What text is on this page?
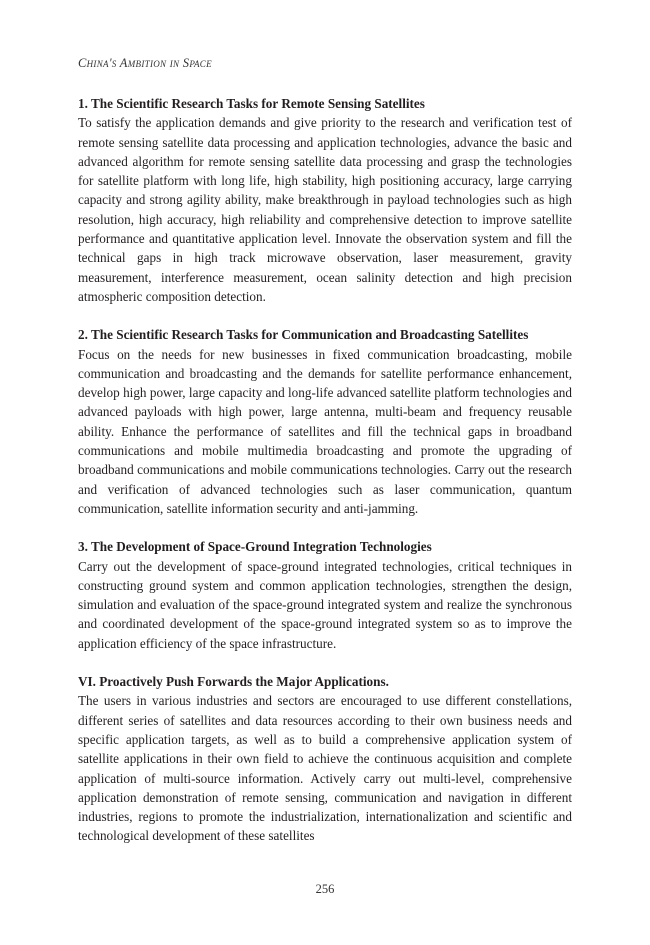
China's Ambition in Space

1. The Scientific Research Tasks for Remote Sensing Satellites

To satisfy the application demands and give priority to the research and verification test of remote sensing satellite data processing and application technologies, advance the basic and advanced algorithm for remote sensing satellite data processing and grasp the technologies for satellite platform with long life, high stability, high positioning accuracy, large carrying capacity and strong agility ability, make breakthrough in payload technologies such as high resolution, high accuracy, high reliability and comprehensive detection to improve satellite performance and quantitative application level. Innovate the observation system and fill the technical gaps in high track microwave observation, laser measurement, gravity measurement, interference measurement, ocean salinity detection and high precision atmospheric composition detection.

2. The Scientific Research Tasks for Communication and Broadcasting Satellites

Focus on the needs for new businesses in fixed communication broadcasting, mobile communication and broadcasting and the demands for satellite performance enhancement, develop high power, large capacity and long-life advanced satellite platform technologies and advanced payloads with high power, large antenna, multi-beam and frequency reusable ability. Enhance the performance of satellites and fill the technical gaps in broadband communications and mobile multimedia broadcasting and promote the upgrading of broadband communications and mobile communications technologies. Carry out the research and verification of advanced technologies such as laser communication, quantum communication, satellite information security and anti-jamming.

3. The Development of Space-Ground Integration Technologies

Carry out the development of space-ground integrated technologies, critical techniques in constructing ground system and common application technologies, strengthen the design, simulation and evaluation of the space-ground integrated system and realize the synchronous and coordinated development of the space-ground integrated system so as to improve the application efficiency of the space infrastructure.

VI. Proactively Push Forwards the Major Applications.

The users in various industries and sectors are encouraged to use different constellations, different series of satellites and data resources according to their own business needs and specific application targets, as well as to build a comprehensive application system of satellite applications in their own field to achieve the continuous acquisition and complete application of multi-source information. Actively carry out multi-level, comprehensive application demonstration of remote sensing, communication and navigation in different industries, regions to promote the industrialization, internationalization and scientific and technological development of these satellites

256
